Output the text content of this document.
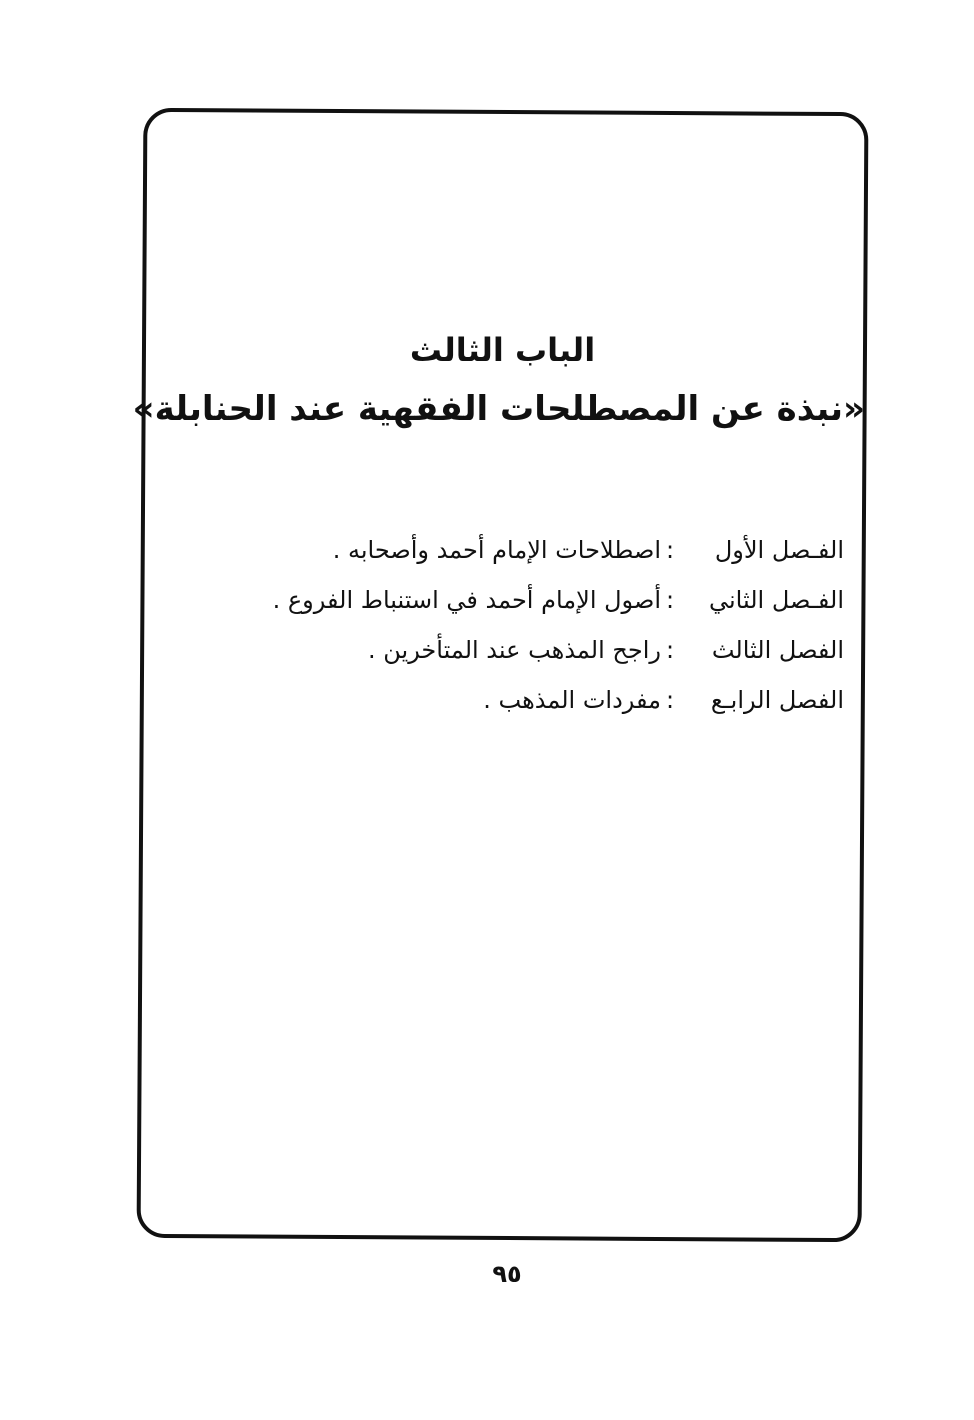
الباب الثالث
«نبذة عن المصطلحات الفقهية عند الحنابلة»
الفـصل الأول
:
اصطلاحات الإمام أحمد وأصحابه .
الفـصل الثاني
:
أصول الإمام أحمد في استنباط الفروع .
الفصل الثالث
:
راجح المذهب عند المتأخرين .
الفصل الرابـع
:
مفردات المذهب .
٩٥
